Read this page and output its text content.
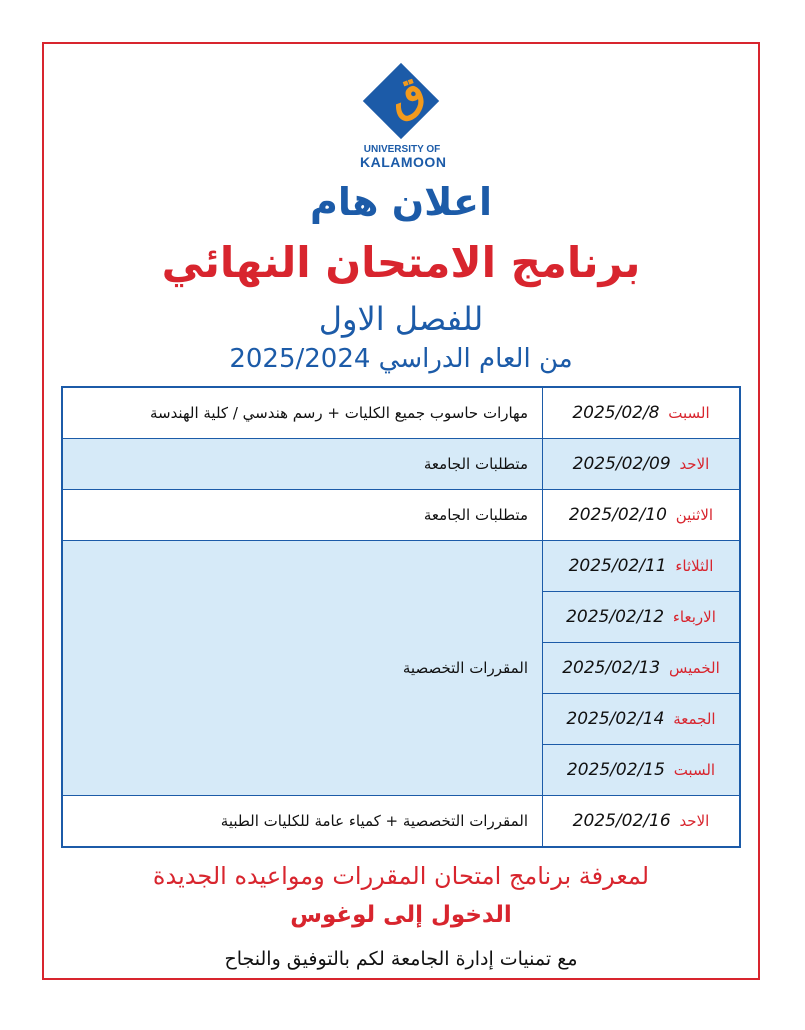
ق
UNIVERSITY OF
KALAMOON
اعلان هام
برنامج الامتحان النهائي
للفصل الاول
من العام الدراسي 2025/2024
السبت 2025/02/8	مهارات حاسوب جميع الكليات + رسم هندسي / كلية الهندسة
الاحد 2025/02/09	متطلبات الجامعة
الاثنين 2025/02/10	متطلبات الجامعة
الثلاثاء 2025/02/11	المقررات التخصصية
الاربعاء 2025/02/12	
الخميس 2025/02/13	
الجمعة 2025/02/14	
السبت 2025/02/15	
الاحد 2025/02/16	المقررات التخصصية + كمياء عامة للكليات الطبية
لمعرفة برنامج امتحان المقررات ومواعيده الجديدة
الدخول إلى لوغوس
مع تمنيات إدارة الجامعة لكم بالتوفيق والنجاح
